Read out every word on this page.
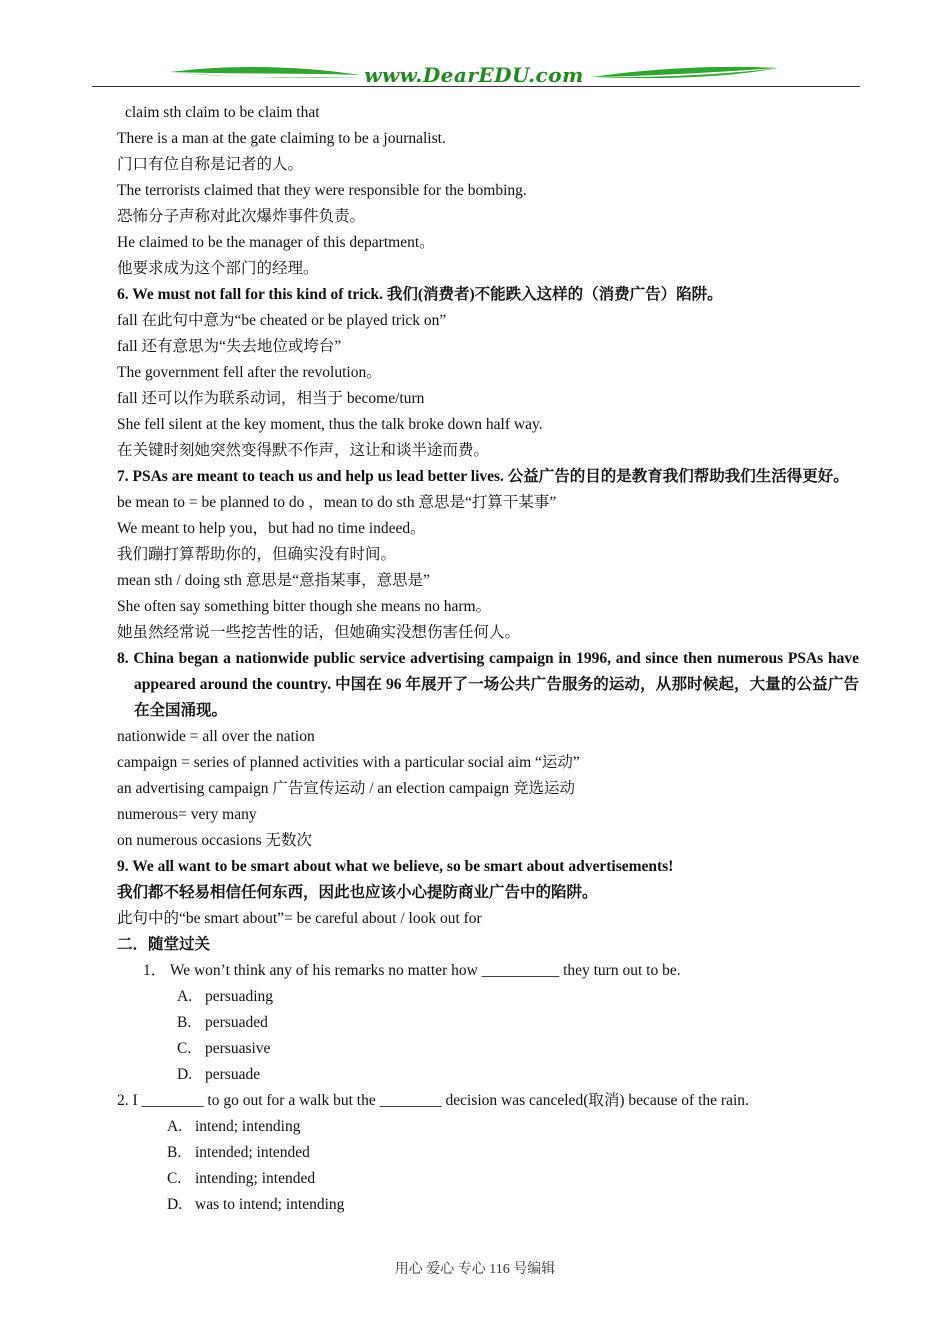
www.DearEDU.com
claim sth claim to be claim that
There is a man at the gate claiming to be a journalist.
门口有位自称是记者的人。
The terrorists claimed that they were responsible for the bombing.
恐怖分子声称对此次爆炸事件负责。
He claimed to be the manager of this department。
他要求成为这个部门的经理。
6. We must not fall for this kind of trick. 我们(消费者)不能跌入这样的（消费广告）陷阱。
fall 在此句中意为“be cheated or be played trick on”
fall 还有意思为“失去地位或垮台”
The government fell after the revolution。
fall 还可以作为联系动词，相当于 become/turn
She fell silent at the key moment, thus the talk broke down half way.
在关键时刻她突然变得默不作声，这让和谈半途而费。
7. PSAs are meant to teach us and help us lead better lives. 公益广告的目的是教育我们帮助我们生活得更好。
be mean to = be planned to do ，mean to do sth 意思是“打算干某事”
We meant to help you，but had no time indeed。
我们蹦打算帮助你的，但确实没有时间。
mean sth / doing sth 意思是“意指某事，意思是”
She often say something bitter though she means no harm。
她虽然经常说一些挖苦性的话，但她确实没想伤害任何人。
8. China began a nationwide public service advertising campaign in 1996, and since then numerous PSAs have appeared around the country. 中国在 96 年展开了一场公共广告服务的运动，从那时候起，大量的公益广告在全国涌现。
nationwide = all over the nation
campaign = series of planned activities with a particular social aim “运动”
an advertising campaign 广告宣传运动 / an election campaign 竞选运动
numerous= very many
on numerous occasions 无数次
9. We all want to be smart about what we believe, so be smart about advertisements!
我们都不轻易相信任何东西，因此也应该小心提防商业广告中的陷阱。
此句中的“be smart about”= be careful about / look out for
二．随堂过关
1． We won’t think any of his remarks no matter how __________ they turn out to be.
A. persuading
B. persuaded
C. persuasive
D. persuade
2. I ________ to go out for a walk but the ________ decision was canceled(取消) because of the rain.
A. intend; intending
B. intended; intended
C. intending; intended
D. was to intend; intending
用心 爱心 专心 116 号编辑
